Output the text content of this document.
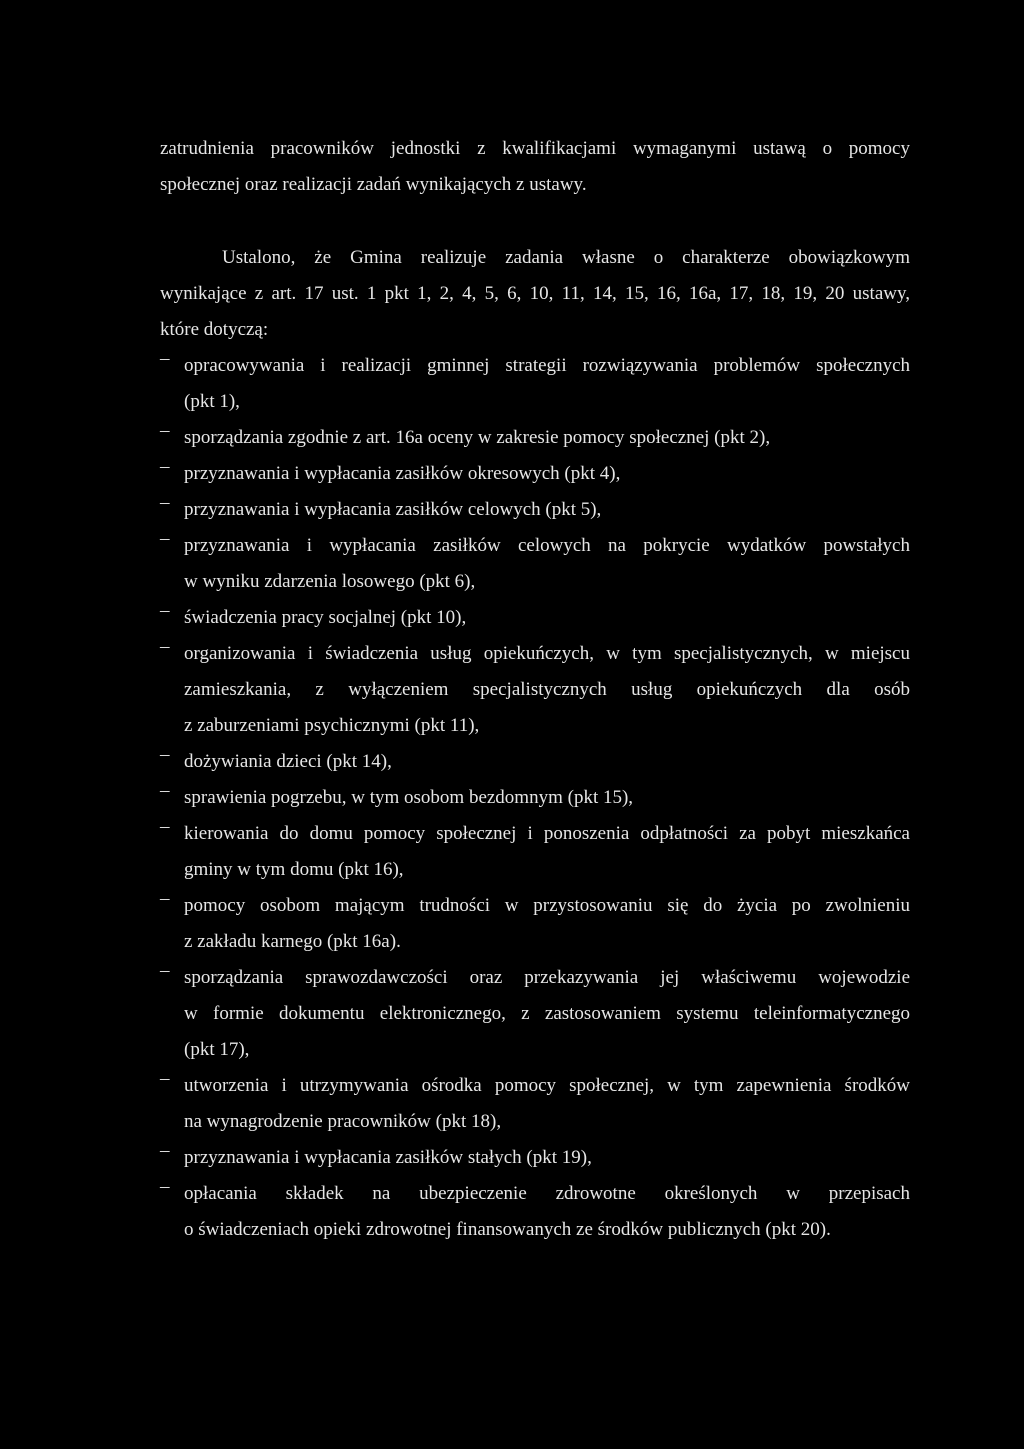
zatrudnienia pracowników jednostki z kwalifikacjami wymaganymi ustawą o pomocy
społecznej oraz realizacji zadań wynikających z ustawy.
Ustalono, że Gmina realizuje zadania własne o charakterze obowiązkowym
wynikające z art. 17 ust. 1 pkt 1, 2, 4, 5, 6, 10, 11, 14, 15, 16, 16a, 17, 18, 19, 20 ustawy,
które dotyczą:
– opracowywania i realizacji gminnej strategii rozwiązywania problemów społecznych
(pkt 1),
– sporządzania zgodnie z art. 16a oceny w zakresie pomocy społecznej (pkt 2),
– przyznawania i wypłacania zasiłków okresowych (pkt 4),
– przyznawania i wypłacania zasiłków celowych (pkt 5),
– przyznawania i wypłacania zasiłków celowych na pokrycie wydatków powstałych
w wyniku zdarzenia losowego (pkt 6),
– świadczenia pracy socjalnej (pkt 10),
– organizowania i świadczenia usług opiekuńczych, w tym specjalistycznych, w miejscu
zamieszkania, z wyłączeniem specjalistycznych usług opiekuńczych dla osób
z zaburzeniami psychicznymi (pkt 11),
– dożywiania dzieci (pkt 14),
– sprawienia pogrzebu, w tym osobom bezdomnym (pkt 15),
– kierowania do domu pomocy społecznej i ponoszenia odpłatności za pobyt mieszkańca
gminy w tym domu (pkt 16),
– pomocy osobom mającym trudności w przystosowaniu się do życia po zwolnieniu
z zakładu karnego (pkt 16a).
– sporządzania sprawozdawczości oraz przekazywania jej właściwemu wojewodzie
w formie dokumentu elektronicznego, z zastosowaniem systemu teleinformatycznego
(pkt 17),
– utworzenia i utrzymywania ośrodka pomocy społecznej, w tym zapewnienia środków
na wynagrodzenie pracowników (pkt 18),
– przyznawania i wypłacania zasiłków stałych (pkt 19),
– opłacania składek na ubezpieczenie zdrowotne określonych w przepisach
o świadczeniach opieki zdrowotnej finansowanych ze środków publicznych (pkt 20).
